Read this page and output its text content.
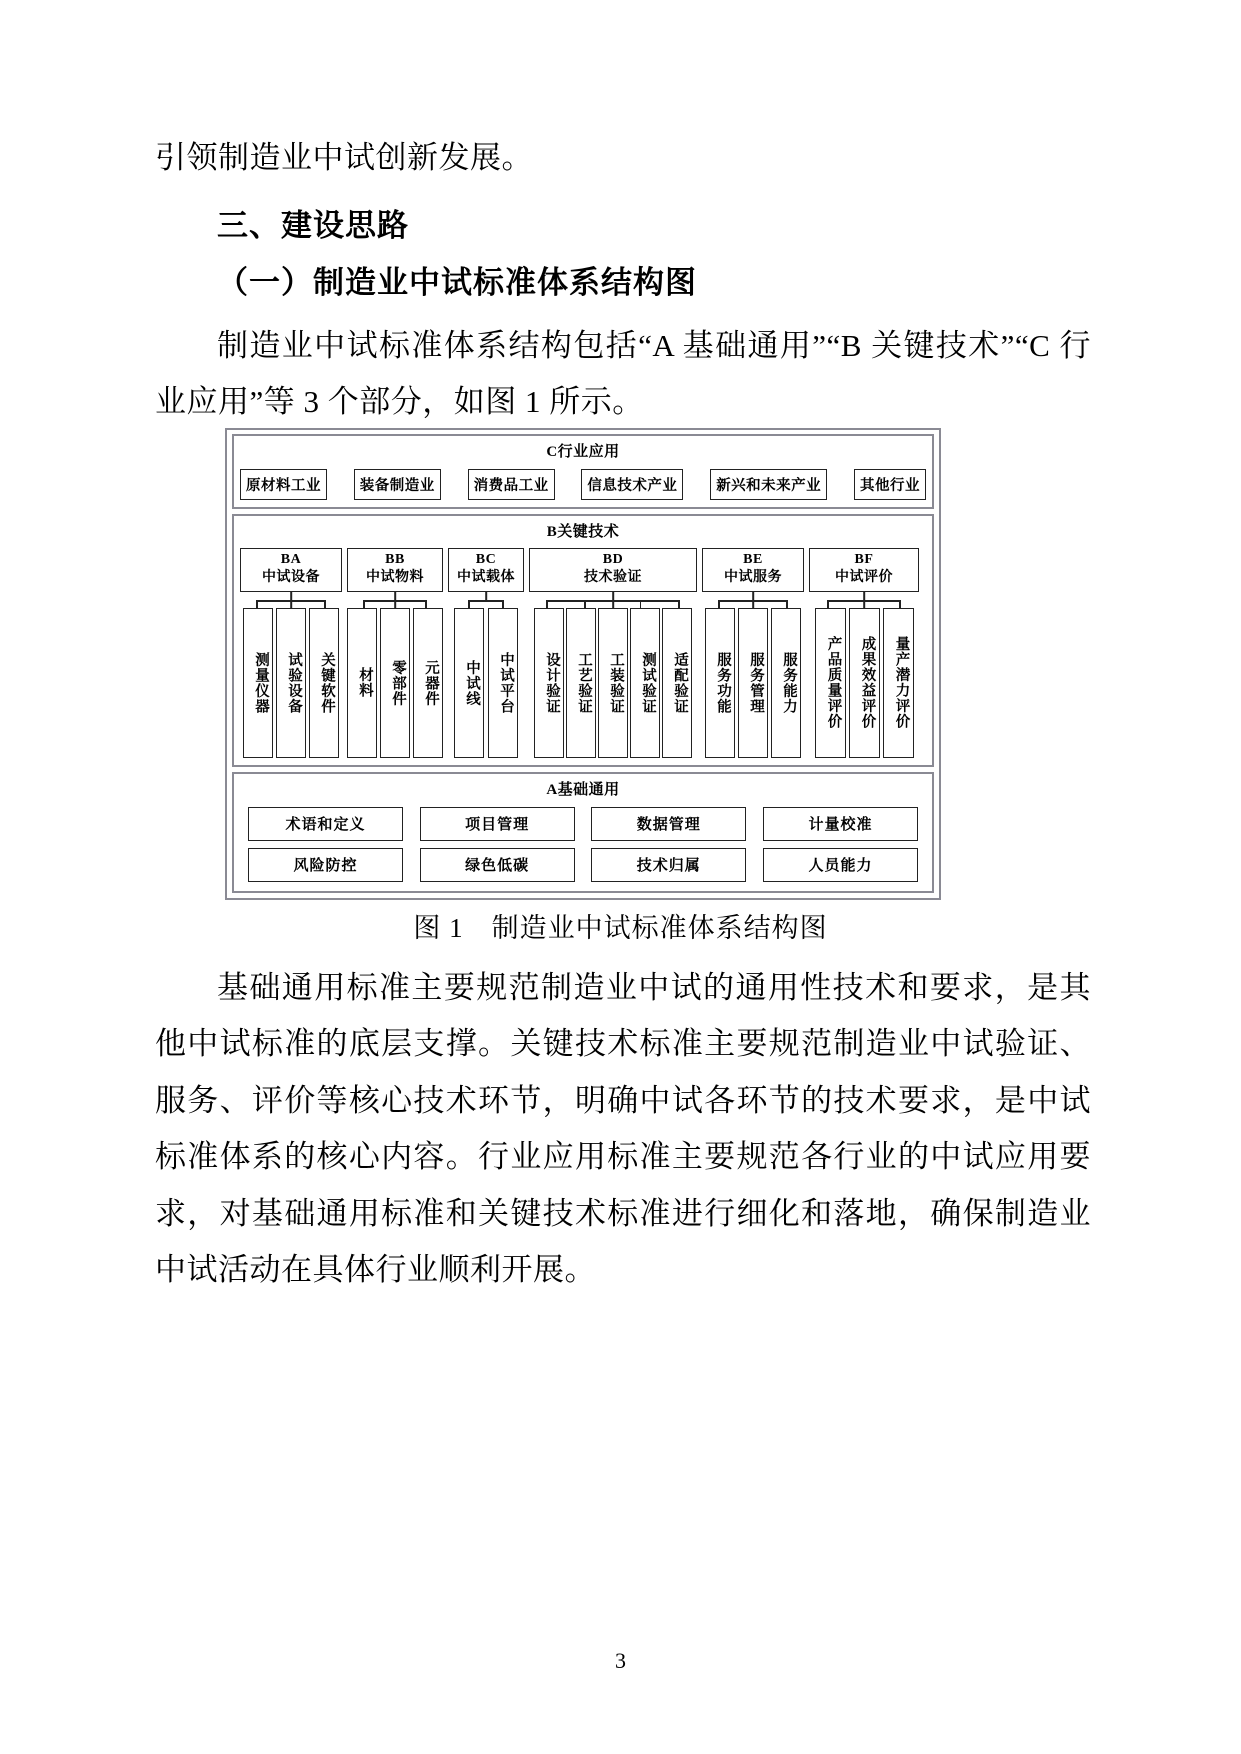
引领制造业中试创新发展。
三、建设思路
（一）制造业中试标准体系结构图
制造业中试标准体系结构包括“A 基础通用”“B 关键技术”“C 行业应用”等 3 个部分，如图 1 所示。
C行业应用
原材料工业	装备制造业	消费品工业	信息技术产业	新兴和未来产业	其他行业
B关键技术
BA
中试设备
测量仪器	试验设备	关键软件
BB
中试物料
材料	零部件	元器件
BC
中试载体
中试线	中试平台
BD
技术验证
设计验证	工艺验证	工装验证	测试验证	适配验证
BE
中试服务
服务功能	服务管理	服务能力
BF
中试评价
产品质量评价	成果效益评价	量产潜力评价
A基础通用
术语和定义	项目管理	数据管理	计量校准
风险防控	绿色低碳	技术归属	人员能力
图 1　制造业中试标准体系结构图
基础通用标准主要规范制造业中试的通用性技术和要求，是其他中试标准的底层支撑。关键技术标准主要规范制造业中试验证、服务、评价等核心技术环节，明确中试各环节的技术要求，是中试标准体系的核心内容。行业应用标准主要规范各行业的中试应用要求，对基础通用标准和关键技术标准进行细化和落地，确保制造业中试活动在具体行业顺利开展。
3
